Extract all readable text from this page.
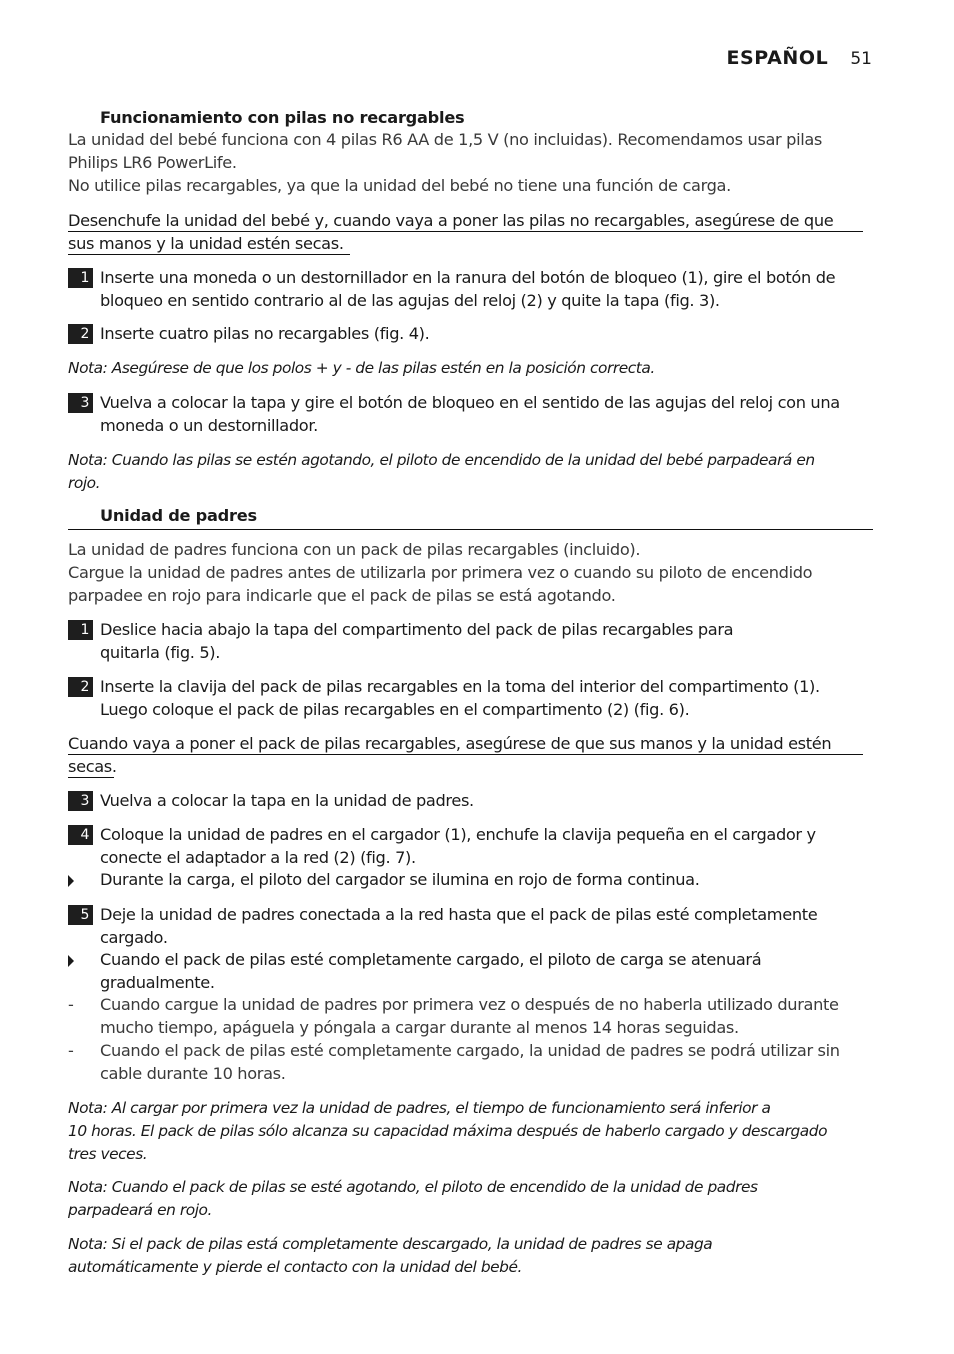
ESPAÑOL 51
Funcionamiento con pilas no recargables
La unidad del bebé funciona con 4 pilas R6 AA de 1,5 V (no incluidas). Recomendamos usar pilas
Philips LR6 PowerLife.
No utilice pilas recargables, ya que la unidad del bebé no tiene una función de carga.
Desenchufe la unidad del bebé y, cuando vaya a poner las pilas no recargables, asegúrese de que
sus manos y la unidad estén secas.
1 Inserte una moneda o un destornillador en la ranura del botón de bloqueo (1), gire el botón de bloqueo en sentido contrario al de las agujas del reloj (2) y quite la tapa (fig. 3).
2 Inserte cuatro pilas no recargables (fig. 4).
Nota: Asegúrese de que los polos + y - de las pilas estén en la posición correcta.
3 Vuelva a colocar la tapa y gire el botón de bloqueo en el sentido de las agujas del reloj con una moneda o un destornillador.
Nota: Cuando las pilas se estén agotando, el piloto de encendido de la unidad del bebé parpadeará en
rojo.
Unidad de padres
La unidad de padres funciona con un pack de pilas recargables (incluido).
Cargue la unidad de padres antes de utilizarla por primera vez o cuando su piloto de encendido
parpadee en rojo para indicarle que el pack de pilas se está agotando.
1 Deslice hacia abajo la tapa del compartimento del pack de pilas recargables para
quitarla (fig. 5).
2 Inserte la clavija del pack de pilas recargables en la toma del interior del compartimento (1).
Luego coloque el pack de pilas recargables en el compartimento (2) (fig. 6).
Cuando vaya a poner el pack de pilas recargables, asegúrese de que sus manos y la unidad estén
secas.
3 Vuelva a colocar la tapa en la unidad de padres.
4 Coloque la unidad de padres en el cargador (1), enchufe la clavija pequeña en el cargador y
conecte el adaptador a la red (2) (fig. 7).
Durante la carga, el piloto del cargador se ilumina en rojo de forma continua.
5 Deje la unidad de padres conectada a la red hasta que el pack de pilas esté completamente
cargado.
Cuando el pack de pilas esté completamente cargado, el piloto de carga se atenuará
gradualmente.
- Cuando cargue la unidad de padres por primera vez o después de no haberla utilizado durante
mucho tiempo, apáguela y póngala a cargar durante al menos 14 horas seguidas.
- Cuando el pack de pilas esté completamente cargado, la unidad de padres se podrá utilizar sin
cable durante 10 horas.
Nota: Al cargar por primera vez la unidad de padres, el tiempo de funcionamiento será inferior a
10 horas. El pack de pilas sólo alcanza su capacidad máxima después de haberlo cargado y descargado
tres veces.
Nota: Cuando el pack de pilas se esté agotando, el piloto de encendido de la unidad de padres
parpadeará en rojo.
Nota: Si el pack de pilas está completamente descargado, la unidad de padres se apaga
automáticamente y pierde el contacto con la unidad del bebé.
